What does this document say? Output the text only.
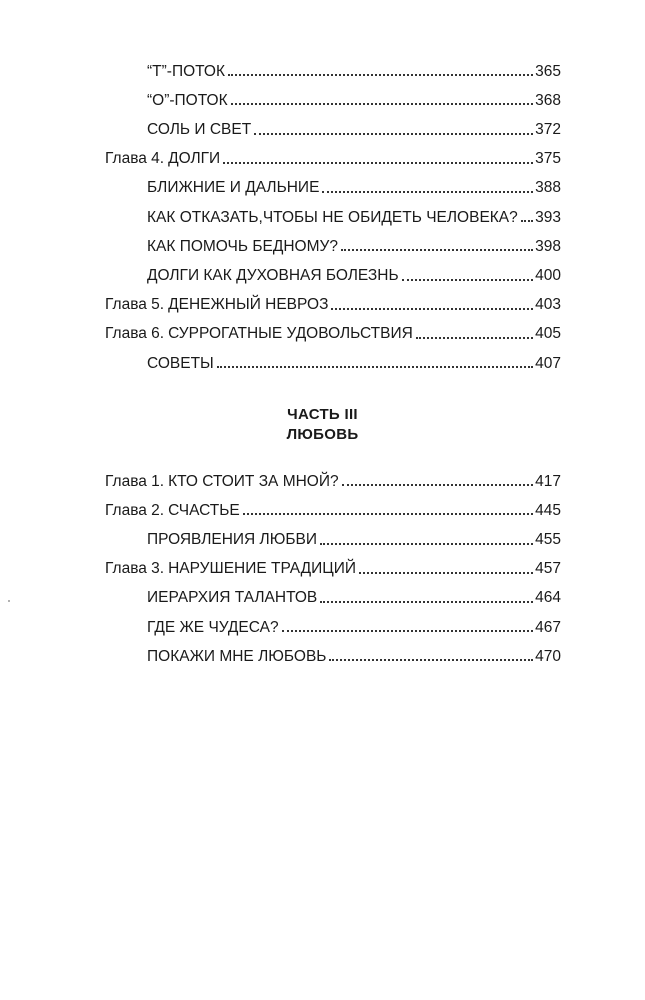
“Т”-ПОТОК	365
“О”-ПОТОК	368
СОЛЬ И СВЕТ	372
Глава 4. ДОЛГИ	375
БЛИЖНИЕ И ДАЛЬНИЕ	388
КАК ОТКАЗАТЬ,ЧТОБЫ НЕ ОБИДЕТЬ ЧЕЛОВЕКА? 393
КАК ПОМОЧЬ БЕДНОМУ?	398
ДОЛГИ КАК ДУХОВНАЯ БОЛЕЗНЬ	400
Глава 5. ДЕНЕЖНЫЙ НЕВРОЗ	403
Глава 6. СУРРОГАТНЫЕ УДОВОЛЬСТВИЯ	405
СОВЕТЫ	407
ЧАСТЬ III
ЛЮБОВЬ
Глава 1. КТО СТОИТ ЗА МНОЙ?	417
Глава 2. СЧАСТЬЕ	445
ПРОЯВЛЕНИЯ ЛЮБВИ	455
Глава 3. НАРУШЕНИЕ ТРАДИЦИЙ	457
ИЕРАРХИЯ ТАЛАНТОВ	464
ГДЕ ЖЕ ЧУДЕСА?	467
ПОКАЖИ МНЕ ЛЮБОВЬ	470
